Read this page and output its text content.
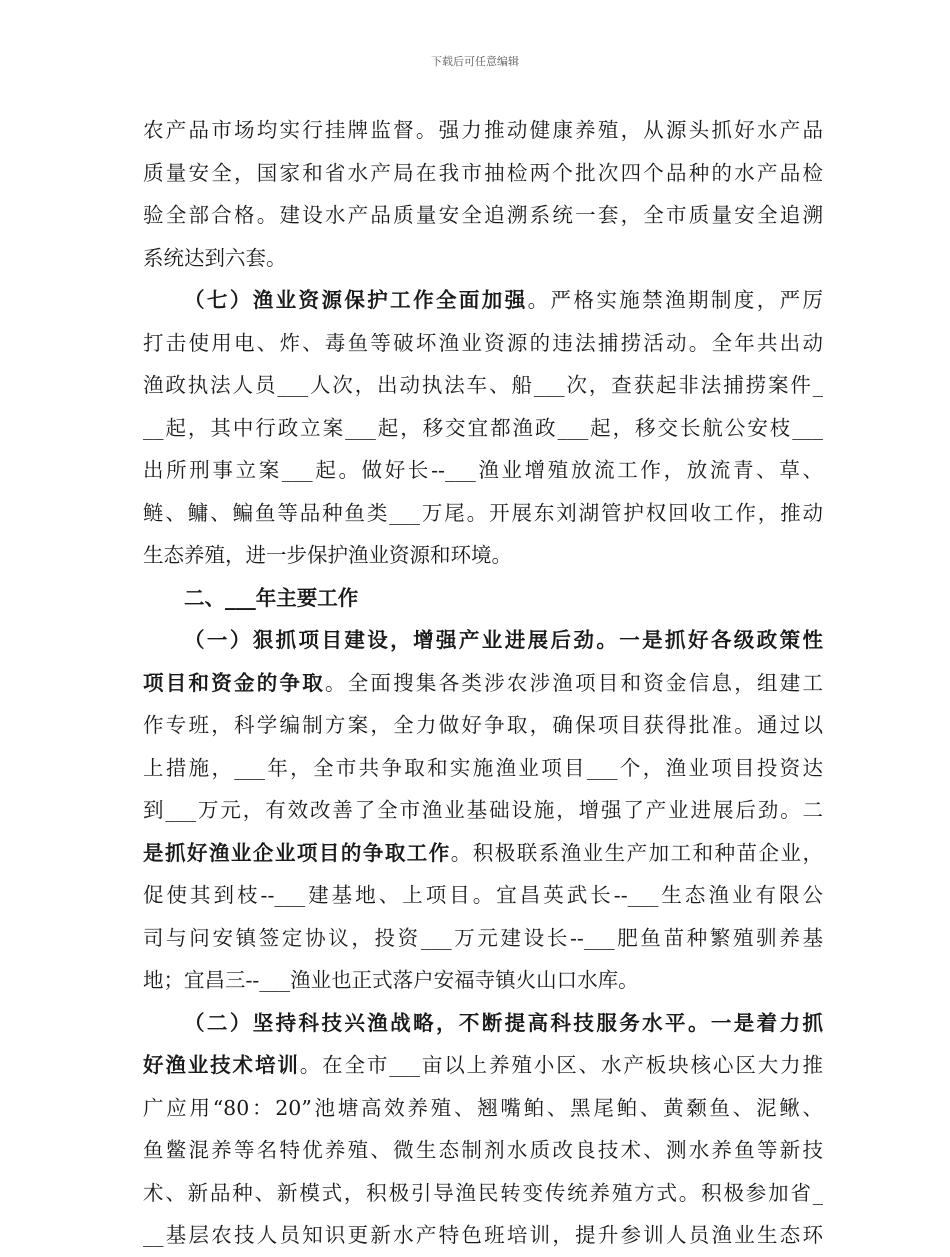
下载后可任意编辑
农产品市场均实行挂牌监督。强力推动健康养殖，从源头抓好水产品
质量安全，国家和省水产局在我市抽检两个批次四个品种的水产品检
验全部合格。建设水产品质量安全追溯系统一套，全市质量安全追溯
系统达到六套。
（七）渔业资源保护工作全面加强。严格实施禁渔期制度，严厉
打击使用电、炸、毒鱼等破坏渔业资源的违法捕捞活动。全年共出动
渔政执法人员___人次，出动执法车、船___次，查获起非法捕捞案件_
__起，其中行政立案___起，移交宜都渔政___起，移交长航公安枝___
出所刑事立案___起。做好长--___渔业增殖放流工作，放流青、草、
鲢、鳙、鳊鱼等品种鱼类___万尾。开展东刘湖管护权回收工作，推动
生态养殖，进一步保护渔业资源和环境。
二、___年主要工作
（一）狠抓项目建设，增强产业进展后劲。一是抓好各级政策性
项目和资金的争取。全面搜集各类涉农涉渔项目和资金信息，组建工
作专班，科学编制方案，全力做好争取，确保项目获得批准。通过以
上措施，___年，全市共争取和实施渔业项目___个，渔业项目投资达
到___万元，有效改善了全市渔业基础设施，增强了产业进展后劲。二
是抓好渔业企业项目的争取工作。积极联系渔业生产加工和种苗企业，
促使其到枝--___建基地、上项目。宜昌英武长--___生态渔业有限公
司与问安镇签定协议，投资___万元建设长--___肥鱼苗种繁殖驯养基
地；宜昌三--___渔业也正式落户安福寺镇火山口水库。
（二）坚持科技兴渔战略，不断提高科技服务水平。一是着力抓
好渔业技术培训。在全市___亩以上养殖小区、水产板块核心区大力推
广应用“80：20”池塘高效养殖、翘嘴鲌、黑尾鲌、黄颡鱼、泥鳅、
鱼鳖混养等名特优养殖、微生态制剂水质改良技术、测水养鱼等新技
术、新品种、新模式，积极引导渔民转变传统养殖方式。积极参加省_
__基层农技人员知识更新水产特色班培训，提升参训人员渔业生态环
